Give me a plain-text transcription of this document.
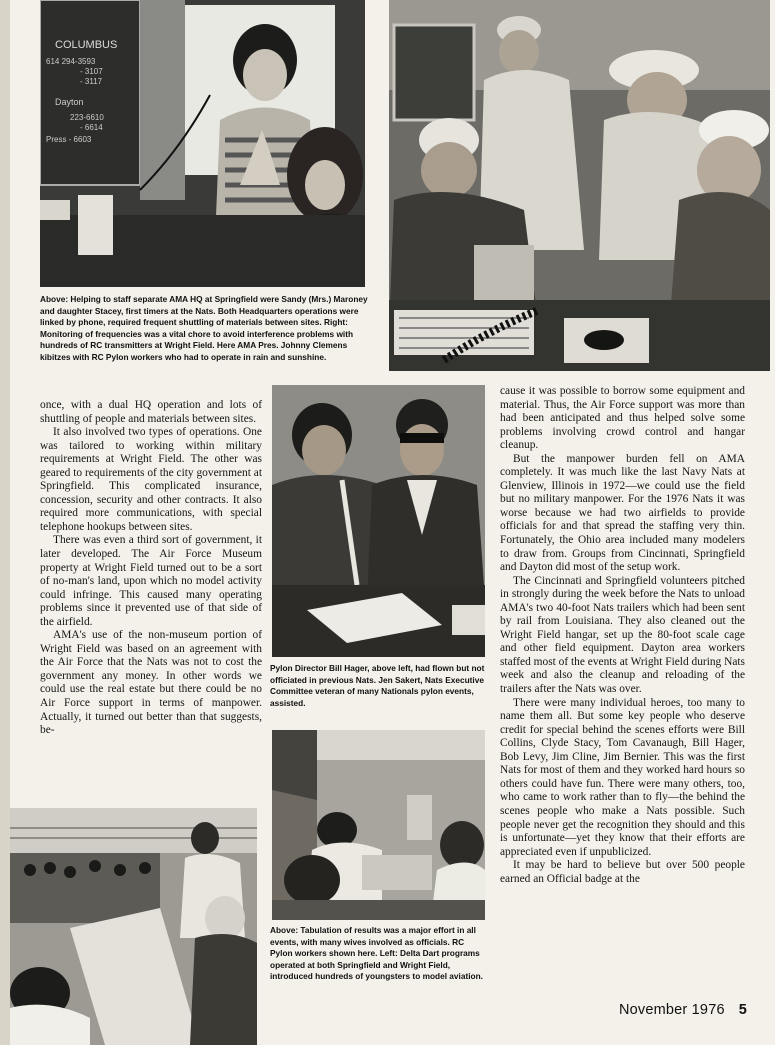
COLUMBUS
614 294-3593
- 3107
- 3117
Dayton
223-6610
- 6614
Press - 6603
Above: Helping to staff separate AMA HQ at Springfield were Sandy (Mrs.) Maroney and daughter Stacey, first timers at the Nats. Both Headquarters operations were linked by phone, required frequent shuttling of materials between sites. Right: Monitoring of frequencies was a vital chore to avoid interference problems with hundreds of RC transmitters at Wright Field. Here AMA Pres. Johnny Clemens kibitzes with RC Pylon workers who had to operate in rain and sunshine.
Pylon Director Bill Hager, above left, had flown but not officiated in previous Nats. Jen Sakert, Nats Executive Committee veteran of many Nationals pylon events, assisted.
Above: Tabulation of results was a major effort in all events, with many wives involved as officials. RC Pylon workers shown here. Left: Delta Dart programs operated at both Springfield and Wright Field, introduced hundreds of youngsters to model aviation.

once, with a dual HQ operation and lots of shuttling of people and materials between sites.

It also involved two types of operations. One was tailored to working within military requirements at Wright Field. The other was geared to requirements of the city government at Springfield. This complicated insurance, concession, security and other contracts. It also required more communications, with special telephone hookups between sites.

There was even a third sort of government, it later developed. The Air Force Museum property at Wright Field turned out to be a sort of no-man's land, upon which no model activity could infringe. This caused many operating problems since it prevented use of that side of the airfield.

AMA's use of the non-museum portion of Wright Field was based on an agreement with the Air Force that the Nats was not to cost the government any money. In other words we could use the real estate but there could be no Air Force support in terms of manpower. Actually, it turned out better than that suggests, be-

cause it was possible to borrow some equipment and material. Thus, the Air Force support was more than had been anticipated and thus helped solve some problems involving crowd control and hangar cleanup.

But the manpower burden fell on AMA completely. It was much like the last Navy Nats at Glenview, Illinois in 1972—we could use the field but no military manpower. For the 1976 Nats it was worse because we had two airfields to provide officials for and that spread the staffing very thin. Fortunately, the Ohio area included many modelers to draw from. Groups from Cincinnati, Springfield and Dayton did most of the setup work.

The Cincinnati and Springfield volunteers pitched in strongly during the week before the Nats to unload AMA's two 40-foot Nats trailers which had been sent by rail from Louisiana. They also cleaned out the Wright Field hangar, set up the 80-foot scale cage and other field equipment. Dayton area workers staffed most of the events at Wright Field during Nats week and also the cleanup and reloading of the trailers after the Nats was over.

There were many individual heroes, too many to name them all. But some key people who deserve credit for special behind the scenes efforts were Bill Collins, Clyde Stacy, Tom Cavanaugh, Bill Hager, Bob Levy, Jim Cline, Jim Bernier. This was the first Nats for most of them and they worked hard hours so others could have fun. There were many others, too, who came to work rather than to fly—the behind the scenes people who make a Nats possible. Such people never get the recognition they should and this is unfortunate—yet they know that their efforts are appreciated even if unpublicized.

It may be hard to believe but over 500 people earned an Official badge at the

November 1976 5
